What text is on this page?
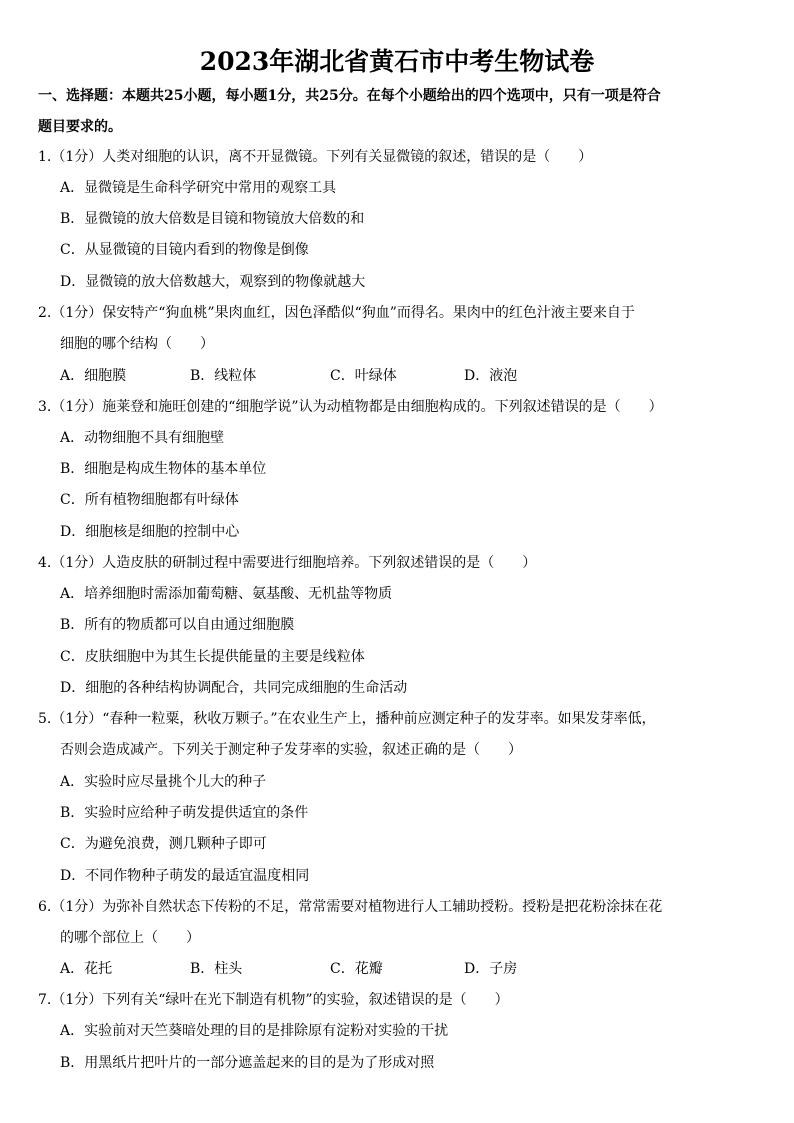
2023年湖北省黄石市中考生物试卷
一、选择题：本题共25小题，每小题1分，共25分。在每个小题给出的四个选项中，只有一项是符合
题目要求的。
1.（1分）人类对细胞的认识，离不开显微镜。下列有关显微镜的叙述，错误的是（　　）
A．显微镜是生命科学研究中常用的观察工具
B．显微镜的放大倍数是目镜和物镜放大倍数的和
C．从显微镜的目镜内看到的物像是倒像
D．显微镜的放大倍数越大，观察到的物像就越大
2.（1分）保安特产“狗血桃”果肉血红，因色泽酷似“狗血”而得名。果肉中的红色汁液主要来自于
细胞的哪个结构（　　）
A．细胞膜	B．线粒体	C．叶绿体	D．液泡
3.（1分）施莱登和施旺创建的“细胞学说”认为动植物都是由细胞构成的。下列叙述错误的是（　　）
A．动物细胞不具有细胞壁
B．细胞是构成生物体的基本单位
C．所有植物细胞都有叶绿体
D．细胞核是细胞的控制中心
4.（1分）人造皮肤的研制过程中需要进行细胞培养。下列叙述错误的是（　　）
A．培养细胞时需添加葡萄糖、氨基酸、无机盐等物质
B．所有的物质都可以自由通过细胞膜
C．皮肤细胞中为其生长提供能量的主要是线粒体
D．细胞的各种结构协调配合，共同完成细胞的生命活动
5.（1分）“春种一粒粟，秋收万颗子。”在农业生产上，播种前应测定种子的发芽率。如果发芽率低，
否则会造成减产。下列关于测定种子发芽率的实验，叙述正确的是（　　）
A．实验时应尽量挑个儿大的种子
B．实验时应给种子萌发提供适宜的条件
C．为避免浪费，测几颗种子即可
D．不同作物种子萌发的最适宜温度相同
6.（1分）为弥补自然状态下传粉的不足，常常需要对植物进行人工辅助授粉。授粉是把花粉涂抹在花
的哪个部位上（　　）
A．花托	B．柱头	C．花瓣	D．子房
7.（1分）下列有关“绿叶在光下制造有机物”的实验，叙述错误的是（　　）
A．实验前对天竺葵暗处理的目的是排除原有淀粉对实验的干扰
B．用黑纸片把叶片的一部分遮盖起来的目的是为了形成对照
